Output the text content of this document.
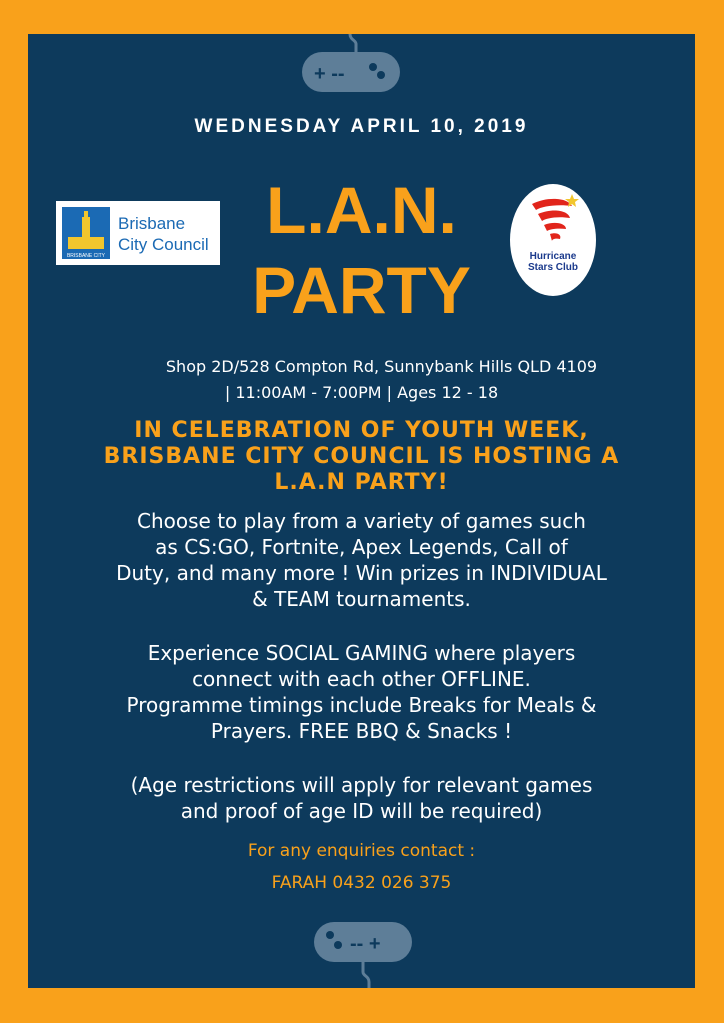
+ --
WEDNESDAY APRIL 10, 2019
BRISBANE CITY
Brisbane
City Council L.A.N.
PARTY	Hurricane
Stars Club
Shop 2D/528 Compton Rd, Sunnybank Hills QLD 4109
| 11:00AM - 7:00PM | Ages 12 - 18
IN CELEBRATION OF YOUTH WEEK,
BRISBANE CITY COUNCIL IS HOSTING A
L.A.N PARTY!
Choose to play from a variety of games such
as CS:GO, Fortnite, Apex Legends, Call of
Duty, and many more ! Win prizes in INDIVIDUAL
& TEAM tournaments.
Experience SOCIAL GAMING where players
connect with each other OFFLINE.
Programme timings include Breaks for Meals &
Prayers. FREE BBQ & Snacks !
(Age restrictions will apply for relevant games
and proof of age ID will be required)
For any enquiries contact :
FARAH 0432 026 375
-- +
